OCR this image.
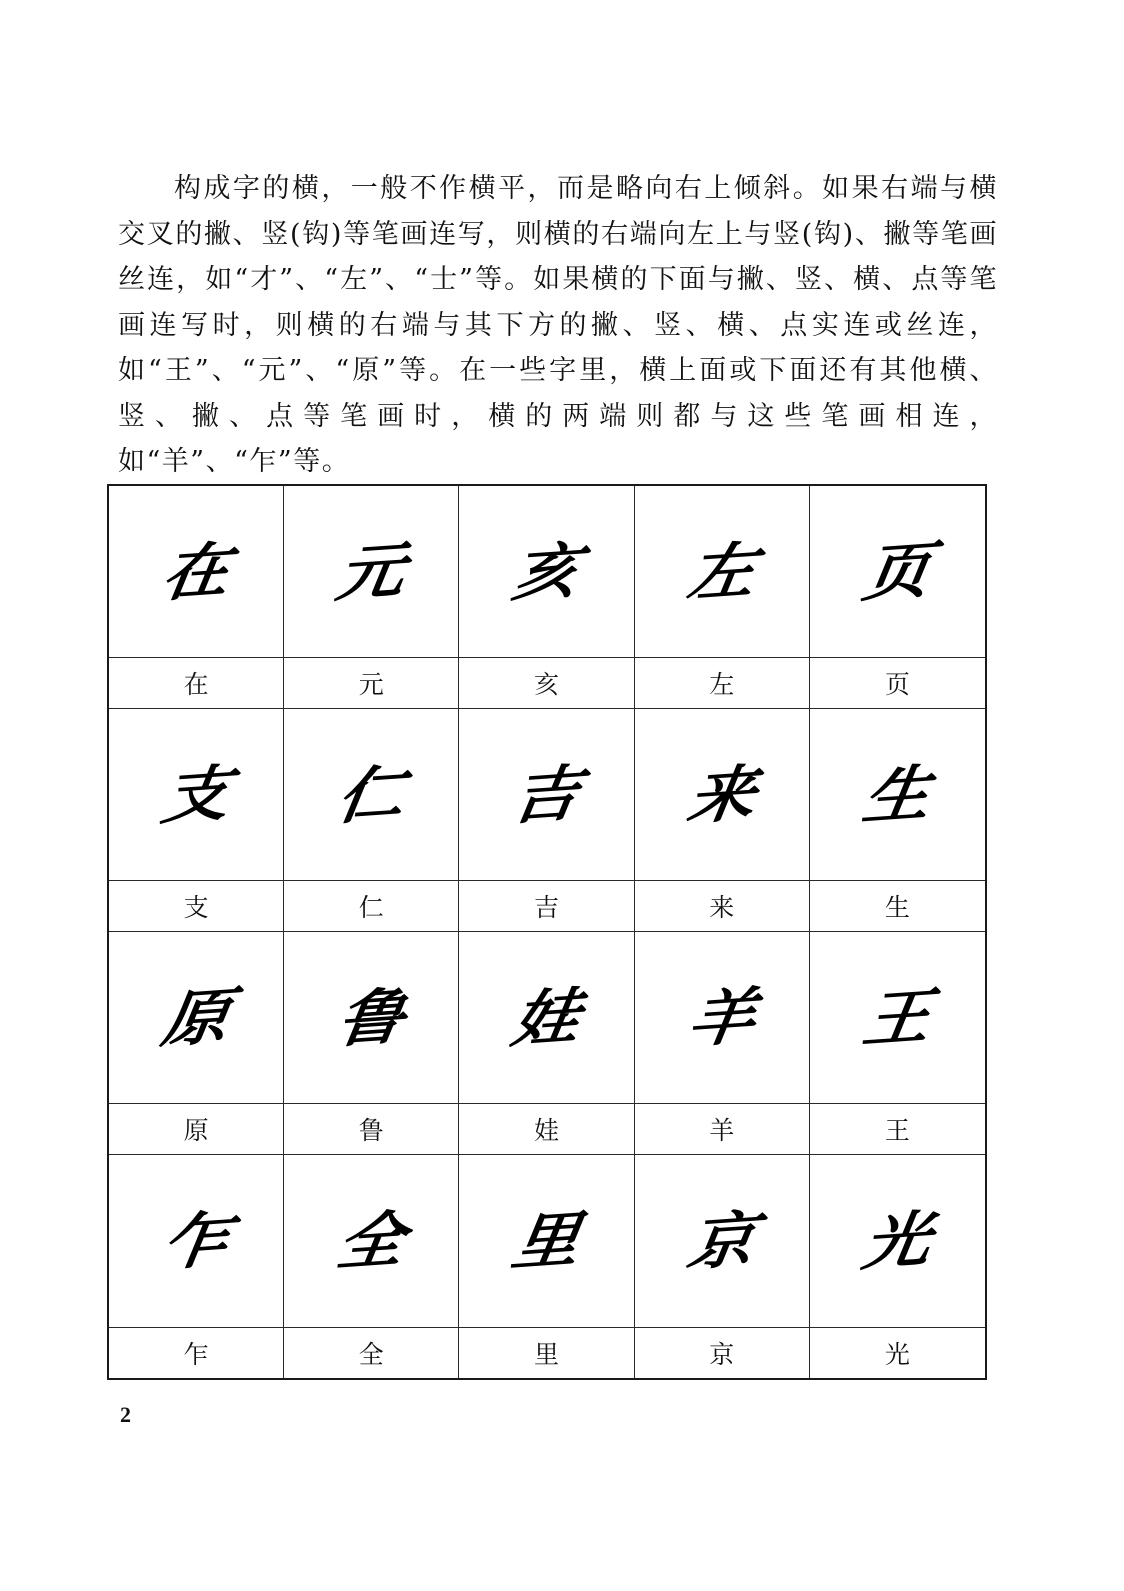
构成字的横，一般不作横平，而是略向右上倾斜。如果右端与横交叉的撇、竖(钩)等笔画连写，则横的右端向左上与竖(钩)、撇等笔画丝连，如“才”、“左”、“士”等。如果横的下面与撇、竖、横、点等笔画连写时，则横的右端与其下方的撇、竖、横、点实连或丝连，如“王”、“元”、“原”等。在一些字里，横上面或下面还有其他横、竖、撇、点等笔画时，横的两端则都与这些笔画相连，如“羊”、“乍”等。

在
在
元
元
亥
亥
左
左
页
页
支
支
仁
仁
吉
吉
来
来
生
生
原
原
鲁
鲁
娃
娃
羊
羊
王
王
乍
乍
全
全
里
里
京
京
光
光
2
